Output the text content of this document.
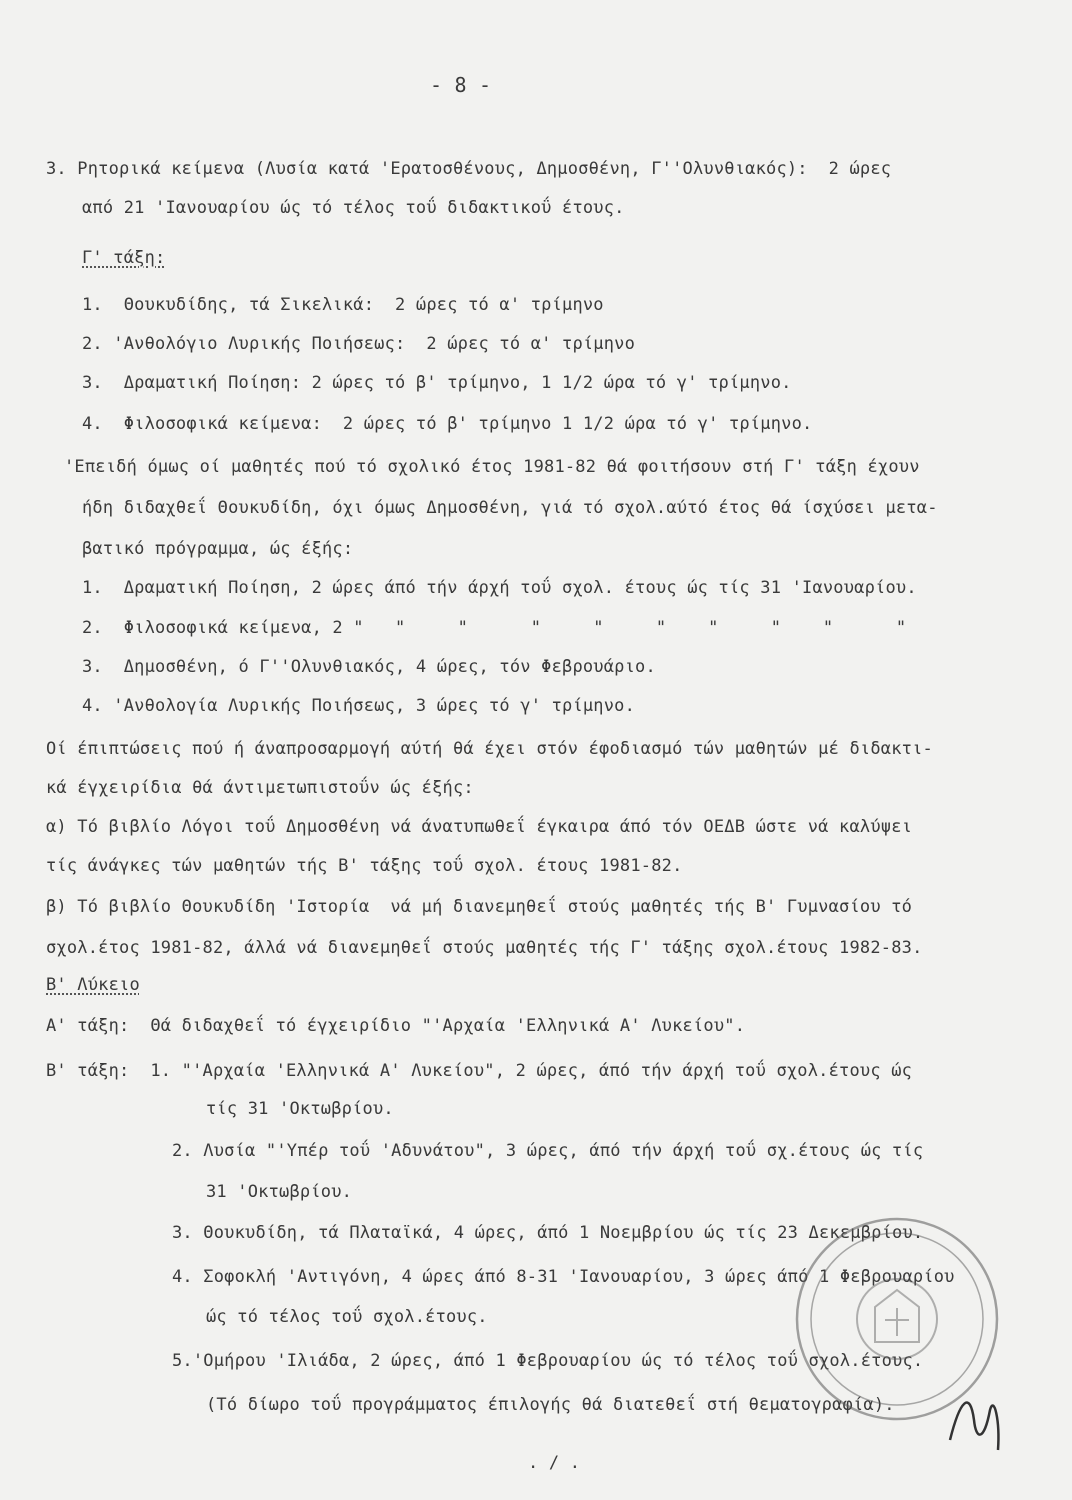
- 8 -
3. Ρητορικά κείμενα (Λυσία κατά 'Ερατοσθένους, Δημοσθένη, Γ''Ολυνθιακός):  2 ώρες
από 21 'Ιανουαρίου ώς τό τέλος τοΰ διδακτικοΰ έτους.
Γ' τάξη:
1.  Θουκυδίδης, τά Σικελικά:  2 ώρες τό α' τρίμηνο
2. 'Ανθολόγιο Λυρικής Ποιήσεως:  2 ώρες τό α' τρίμηνο
3.  Δραματική Ποίηση: 2 ώρες τό β' τρίμηνο, 1 1/2 ώρα τό γ' τρίμηνο.
4.  Φιλοσοφικά κείμενα:  2 ώρες τό β' τρίμηνο 1 1/2 ώρα τό γ' τρίμηνο.
'Επειδή όμως οί μαθητές πού τό σχολικό έτος 1981-82 θά φοιτήσουν στή Γ' τάξη έχουν
ήδη διδαχθεΐ Θουκυδίδη, όχι όμως Δημοσθένη, γιά τό σχολ.αύτό έτος θά ίσχύσει μετα-
βατικό πρόγραμμα, ώς έξής:
1.  Δραματική Ποίηση, 2 ώρες άπό τήν άρχή τοΰ σχολ. έτους ώς τίς 31 'Ιανουαρίου.
2.  Φιλοσοφικά κείμενα, 2 "   "     "      "     "     "    "     "    "      "
3.  Δημοσθένη, ό Γ''Ολυνθιακός, 4 ώρες, τόν Φεβρουάριο.
4. 'Ανθολογία Λυρικής Ποιήσεως, 3 ώρες τό γ' τρίμηνο.
Οί έπιπτώσεις πού ή άναπροσαρμογή αύτή θά έχει στόν έφοδιασμό τών μαθητών μέ διδακτι-
κά έγχειρίδια θά άντιμετωπιστοΰν ώς έξής:
α) Τό βιβλίο Λόγοι τοΰ Δημοσθένη νά άνατυπωθεΐ έγκαιρα άπό τόν ΟΕΔΒ ώστε νά καλύψει
τίς άνάγκες τών μαθητών τής Β' τάξης τοΰ σχολ. έτους 1981-82.
β) Τό βιβλίο Θουκυδίδη 'Ιστορία  νά μή διανεμηθεΐ στούς μαθητές τής Β' Γυμνασίου τό
σχολ.έτος 1981-82, άλλά νά διανεμηθεΐ στούς μαθητές τής Γ' τάξης σχολ.έτους 1982-83.
Β' Λύκειο
Α' τάξη:  Θά διδαχθεΐ τό έγχειρίδιο "'Αρχαία 'Ελληνικά Α' Λυκείου".
Β' τάξη:  1. "'Αρχαία 'Ελληνικά Α' Λυκείου", 2 ώρες, άπό τήν άρχή τοΰ σχολ.έτους ώς
τίς 31 'Οκτωβρίου.
2. Λυσία "'Υπέρ τοΰ 'Αδυνάτου", 3 ώρες, άπό τήν άρχή τοΰ σχ.έτους ώς τίς
31 'Οκτωβρίου.
3. Θουκυδίδη, τά Πλαταϊκά, 4 ώρες, άπό 1 Νοεμβρίου ώς τίς 23 Δεκεμβρίου.
4. Σοφοκλή 'Αντιγόνη, 4 ώρες άπό 8-31 'Ιανουαρίου, 3 ώρες άπό 1 Φεβρουαρίου
ώς τό τέλος τοΰ σχολ.έτους.
5.'Ομήρου 'Ιλιάδα, 2 ώρες, άπό 1 Φεβρουαρίου ώς τό τέλος τοΰ σχολ.έτους.
(Τό δίωρο τοΰ προγράμματος έπιλογής θά διατεθεΐ στή θεματογραφία).
. / .
